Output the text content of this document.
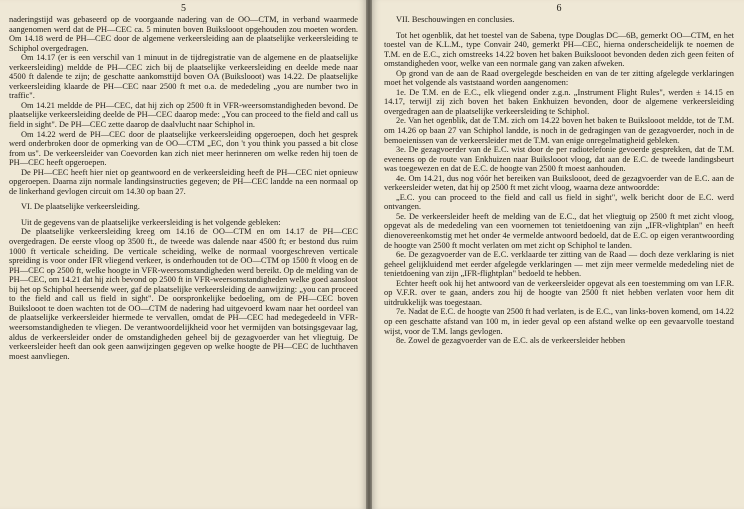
5

naderingstijd was gebaseerd op de voorgaande nadering van de OO—CTM, in verband waarmede aangenomen werd dat de PH—CEC ca. 5 minuten boven Buikslooot opgehouden zou moeten worden. Om 14.18 werd de PH—CEC door de algemene verkeersleiding aan de plaatselijke verkeersleiding te Schiphol overgedragen.

Om 14.17 (er is een verschil van 1 minuut in de tijdregistratie van de algemene en de plaatselijke verkeersleiding) meldde de PH—CEC zich bij de plaatselijke verkeersleiding en deelde mede naar 4500 ft dalende te zijn; de geschatte aankomsttijd boven OA (Buikslooot) was 14.22. De plaatselijke verkeersleiding klaarde de PH—CEC naar 2500 ft met o.a. de mededeling „you are number two in traffic".

Om 14.21 meldde de PH—CEC, dat hij zich op 2500 ft in VFR-weersomstandigheden bevond. De plaatselijke verkeersleiding deelde de PH—CEC daarop mede: „You can proceed to the field and call us field in sight". De PH—CEC zette daarop de daalvlucht naar Schiphol in.

Om 14.22 werd de PH—CEC door de plaatselijke verkeersleiding opgeroepen, doch het gesprek werd onderbroken door de opmerking van de OO—CTM „EC, don 't you think you passed a bit close from us". De verkeersleider van Coevorden kan zich niet meer herinneren om welke reden hij toen de PH—CEC heeft opgeroepen.

De PH—CEC heeft hier niet op geantwoord en de verkeersleiding heeft de PH—CEC niet opnieuw opgeroepen. Daarna zijn normale landingsinstructies gegeven; de PH—CEC landde na een normaal op de linkerhand gevlogen circuit om 14.30 op baan 27.

VI. De plaatselijke verkeersleiding.

Uit de gegevens van de plaatselijke verkeersleiding is het volgende gebleken:

De plaatselijke verkeersleiding kreeg om 14.16 de OO—CTM en om 14.17 de PH—CEC overgedragen. De eerste vloog op 3500 ft., de tweede was dalende naar 4500 ft; er bestond dus ruim 1000 ft verticale scheiding. De verticale scheiding, welke de normaal voorgeschreven verticale spreiding is voor onder IFR vliegend verkeer, is onderhouden tot de OO—CTM op 1500 ft vloog en de PH—CEC op 2500 ft, welke hoogte in VFR-weersomstandigheden werd bereikt. Op de melding van de PH—CEC, om 14.21 dat hij zich bevond op 2500 ft in VFR-weersomstandigheden welke goed aansloot bij het op Schiphol heersende weer, gaf de plaatselijke verkeersleiding de aanwijzing: „you can proceed to the field and call us field in sight". De oorspronkelijke bedoeling, om de PH—CEC boven Buikslooot te doen wachten tot de OO—CTM de nadering had uitgevoerd kwam naar het oordeel van de plaatselijke verkeersleider hiermede te vervallen, omdat de PH—CEC had medegedeeld in VFR-weersomstandigheden te vliegen. De verantwoordelijkheid voor het vermijden van botsingsgevaar lag, aldus de verkeersleider onder de omstandigheden geheel bij de gezagvoerder van het vliegtuig. De verkeersleider heeft dan ook geen aanwijzingen gegeven op welke hoogte de PH—CEC de luchthaven moest aanvliegen.

6

VII. Beschouwingen en conclusies.

Tot het ogenblik, dat het toestel van de Sabena, type Douglas DC—6B, gemerkt OO—CTM, en het toestel van de K.L.M., type Convair 240, gemerkt PH—CEC, hierna onderscheidelijk te noemen de T.M. en de E.C., zich omstreeks 14.22 boven het baken Buikslooot bevonden deden zich geen feiten of omstandigheden voor, welke van een normale gang van zaken afweken.

Op grond van de aan de Raad overgelegde bescheiden en van de ter zitting afgelegde verklaringen moet het volgende als vaststaand worden aangenomen:

1e. De T.M. en de E.C., elk vliegend onder z.g.n. „Instrument Flight Rules", werden ± 14.15 en 14.17, terwijl zij zich boven het baken Enkhuizen bevonden, door de algemene verkeersleiding overgedragen aan de plaatselijke verkeersleiding te Schiphol.

2e. Van het ogenblik, dat de T.M. zich om 14.22 boven het baken te Buikslooot meldde, tot de T.M. om 14.26 op baan 27 van Schiphol landde, is noch in de gedragingen van de gezagvoerder, noch in de bemoeienissen van de verkeersleider met de T.M. van enige onregelmatigheid gebleken.

3e. De gezagvoerder van de E.C. wist door de per radiotelefonie gevoerde gesprekken, dat de T.M. eveneens op de route van Enkhuizen naar Buikslooot vloog, dat aan de E.C. de tweede landingsbeurt was toegewezen en dat de E.C. de hoogte van 2500 ft moest aanhouden.

4e. Om 14.21, dus nog vóór het bereiken van Buikslooot, deed de gezagvoerder van de E.C. aan de verkeersleider weten, dat hij op 2500 ft met zicht vloog, waarna deze antwoordde:

„E.C. you can proceed to the field and call us field in sight", welk bericht door de E.C. werd ontvangen.

5e. De verkeersleider heeft de melding van de E.C., dat het vliegtuig op 2500 ft met zicht vloog, opgevat als de mededeling van een voornemen tot tenietdoening van zijn „IFR-vlightplan" en heeft dienovereenkomstig met het onder 4e vermelde antwoord bedoeld, dat de E.C. op eigen verantwoording de hoogte van 2500 ft mocht verlaten om met zicht op Schiphol te landen.

6e. De gezagvoerder van de E.C. verklaarde ter zitting van de Raad — doch deze verklaring is niet geheel gelijkluidend met eerder afgelegde verklaringen — met zijn meer vermelde mededeling niet de tenietdoening van zijn „IFR-flightplan" bedoeld te hebben.

Echter heeft ook hij het antwoord van de verkeersleider opgevat als een toestemming om van I.F.R. op V.F.R. over te gaan, anders zou hij de hoogte van 2500 ft niet hebben verlaten voor hem dit uitdrukkelijk was toegestaan.

7e. Nadat de E.C. de hoogte van 2500 ft had verlaten, is de E.C., van links-boven komend, om 14.22 op een geschatte afstand van 100 m, in ieder geval op een afstand welke op een gevaarvolle toestand wijst, voor de T.M. langs gevlogen.

8e. Zowel de gezagvoerder van de E.C. als de verkeersleider hebben
